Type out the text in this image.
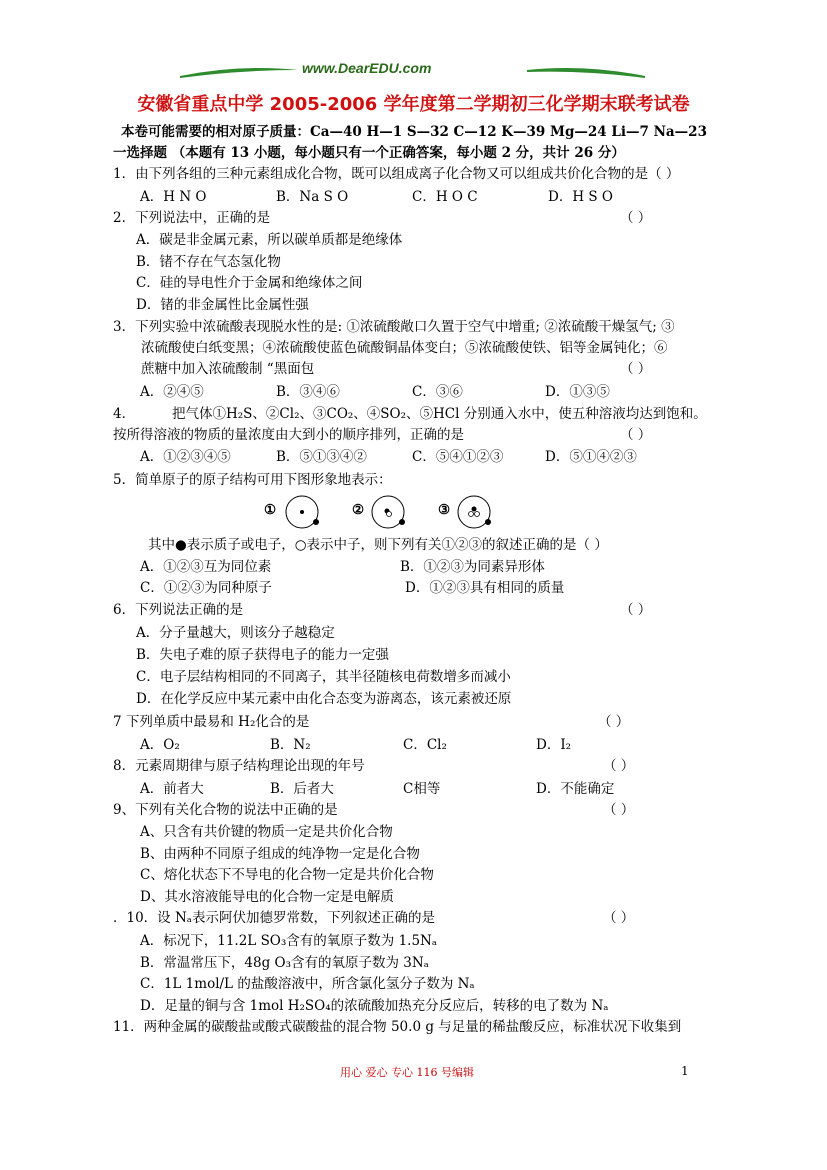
www.DearEDU.com
安徽省重点中学 2005-2006 学年度第二学期初三化学期末联考试卷
本卷可能需要的相对原子质量：Ca—40 H—1 S—32 C—12 K—39 Mg—24 Li—7 Na—23
一选择题 （本题有 13 小题，每小题只有一个正确答案，每小题 2 分，共计 26 分）
1．由下列各组的三种元素组成化合物，既可以组成离子化合物又可以组成共价化合物的是（ ）
A．H N O	B．Na S O	C．H O C	D．H S O
2．下列说法中，正确的是	（ ）
A．碳是非金属元素，所以碳单质都是绝缘体
B．锗不存在气态氢化物
C．硅的导电性介于金属和绝缘体之间
D．锗的非金属性比金属性强
3．下列实验中浓硫酸表现脱水性的是: ①浓硫酸敞口久置于空气中增重; ②浓硫酸干燥氢气; ③
浓硫酸使白纸变黑；④浓硫酸使蓝色硫酸铜晶体变白；⑤浓硫酸使铁、铝等金属钝化；⑥
蔗糖中加入浓硫酸制 “黑面包	（ ）
A．②④⑤	B．③④⑥	C．③⑥	D．①③⑤
4．	把气体①H₂S、②Cl₂、③CO₂、④SO₂、⑤HCl 分别通入水中，使五种溶液均达到饱和。
按所得溶液的物质的量浓度由大到小的顺序排列，正确的是	（ ）
A．①②③④⑤	B．⑤①③④②	C．⑤④①②③	D．⑤①④②③
5．简单原子的原子结构可用下图形象地表示：
①	②	③
其中●表示质子或电子，○表示中子，则下列有关①②③的叙述正确的是（ ）
A．①②③互为同位素	B．①②③为同素异形体
C．①②③为同种原子	D．①②③具有相同的质量
6．下列说法正确的是	（ ）
A．分子量越大，则该分子越稳定
B．失电子难的原子获得电子的能力一定强
C．电子层结构相同的不同离子，其半径随核电荷数增多而减小
D．在化学反应中某元素中由化合态变为游离态，该元素被还原
7 下列单质中最易和 H₂化合的是	（ ）
A．O₂	B．N₂	C．Cl₂	D．I₂
8．元素周期律与原子结构理论出现的年号	（ ）
A．前者大	B．后者大	C相等	D．不能确定
9、下列有关化合物的说法中正确的是	（ ）
A、只含有共价键的物质一定是共价化合物
B、由两种不同原子组成的纯净物一定是化合物
C、熔化状态下不导电的化合物一定是共价化合物
D、其水溶液能导电的化合物一定是电解质
．10．设 Nₐ表示阿伏加德罗常数，下列叙述正确的是	（ ）
A．标况下，11.2L SO₃含有的氧原子数为 1.5Nₐ
B．常温常压下，48g O₃含有的氧原子数为 3Nₐ
C．1L 1mol/L 的盐酸溶液中，所含氯化氢分子数为 Nₐ
D．足量的铜与含 1mol H₂SO₄的浓硫酸加热充分反应后，转移的电了数为 Nₐ
11．两种金属的碳酸盐或酸式碳酸盐的混合物 50.0 g 与足量的稀盐酸反应，标准状况下收集到
用心 爱心 专心 116 号编辑	1
